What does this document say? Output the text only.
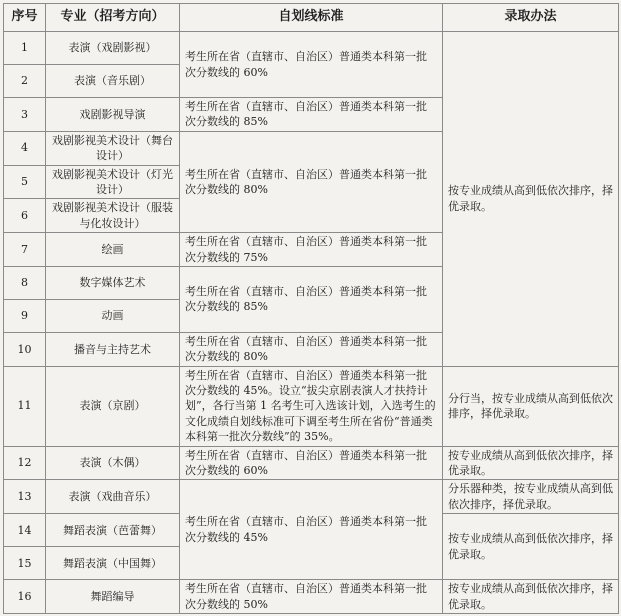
序号	专业（招考方向）	自划线标准	录取办法
1	表演（戏剧影视）	考生所在省（直辖市、自治区）普通类本科第一批次分数线的 60%	按专业成绩从高到低依次排序，择优录取。
2	表演（音乐剧）		
3	戏剧影视导演	考生所在省（直辖市、自治区）普通类本科第一批次分数线的 85%	
4	戏剧影视美术设计（舞台设计）	考生所在省（直辖市、自治区）普通类本科第一批次分数线的 80%	
5	戏剧影视美术设计（灯光设计）		
6	戏剧影视美术设计（服装与化妆设计）		
7	绘画	考生所在省（直辖市、自治区）普通类本科第一批次分数线的 75%	
8	数字媒体艺术	考生所在省（直辖市、自治区）普通类本科第一批次分数线的 85%	
9	动画		
10	播音与主持艺术	考生所在省（直辖市、自治区）普通类本科第一批次分数线的 80%	
11	表演（京剧）	考生所在省（直辖市、自治区）普通类本科第一批次分数线的 45%。设立“拔尖京剧表演人才扶持计划”，各行当第 1 名考生可入选该计划，入选考生的文化成绩自划线标准可下调至考生所在省份“普通类本科第一批次分数线”的 35%。	分行当，按专业成绩从高到低依次排序，择优录取。
12	表演（木偶）	考生所在省（直辖市、自治区）普通类本科第一批次分数线的 60%	按专业成绩从高到低依次排序，择优录取。
13	表演（戏曲音乐）	考生所在省（直辖市、自治区）普通类本科第一批次分数线的 45%	分乐器种类，按专业成绩从高到低依次排序，择优录取。
14	舞蹈表演（芭蕾舞）		按专业成绩从高到低依次排序，择优录取。
15	舞蹈表演（中国舞）		
16	舞蹈编导	考生所在省（直辖市、自治区）普通类本科第一批次分数线的 50%	按专业成绩从高到低依次排序，择优录取。
